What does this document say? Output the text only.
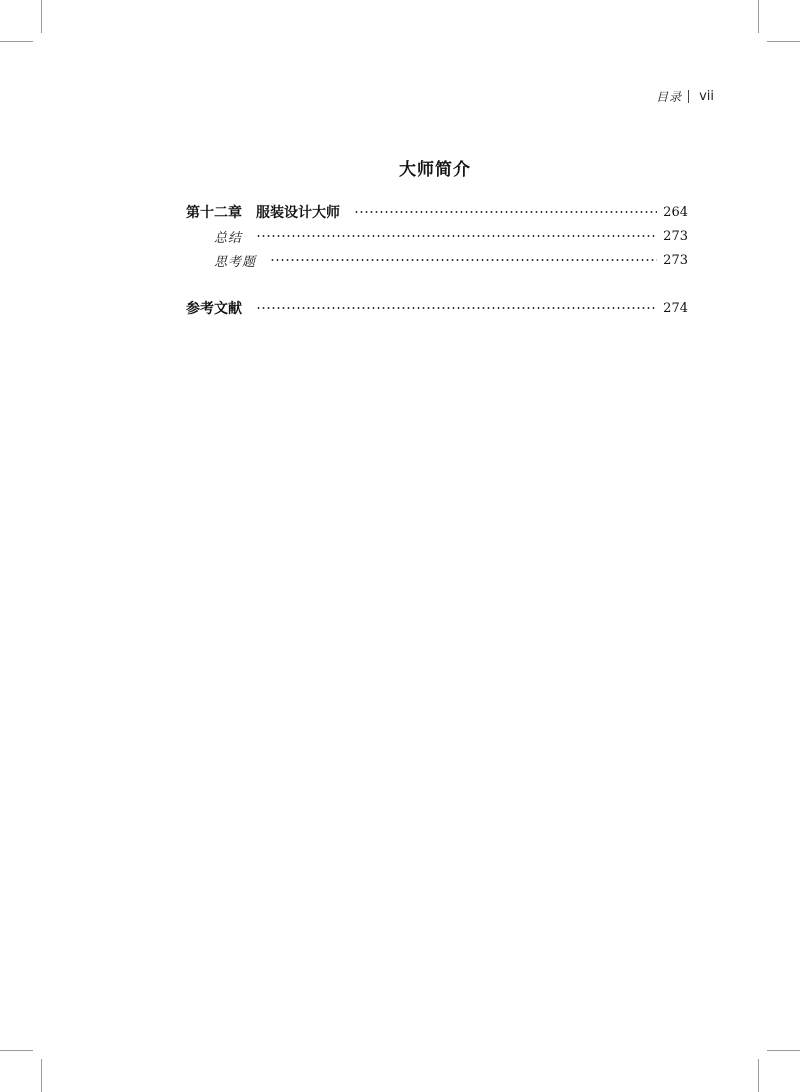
目录 vii
大师简介
第十二章 服装设计大师	264
总结	273
思考题	273
参考文献	274
